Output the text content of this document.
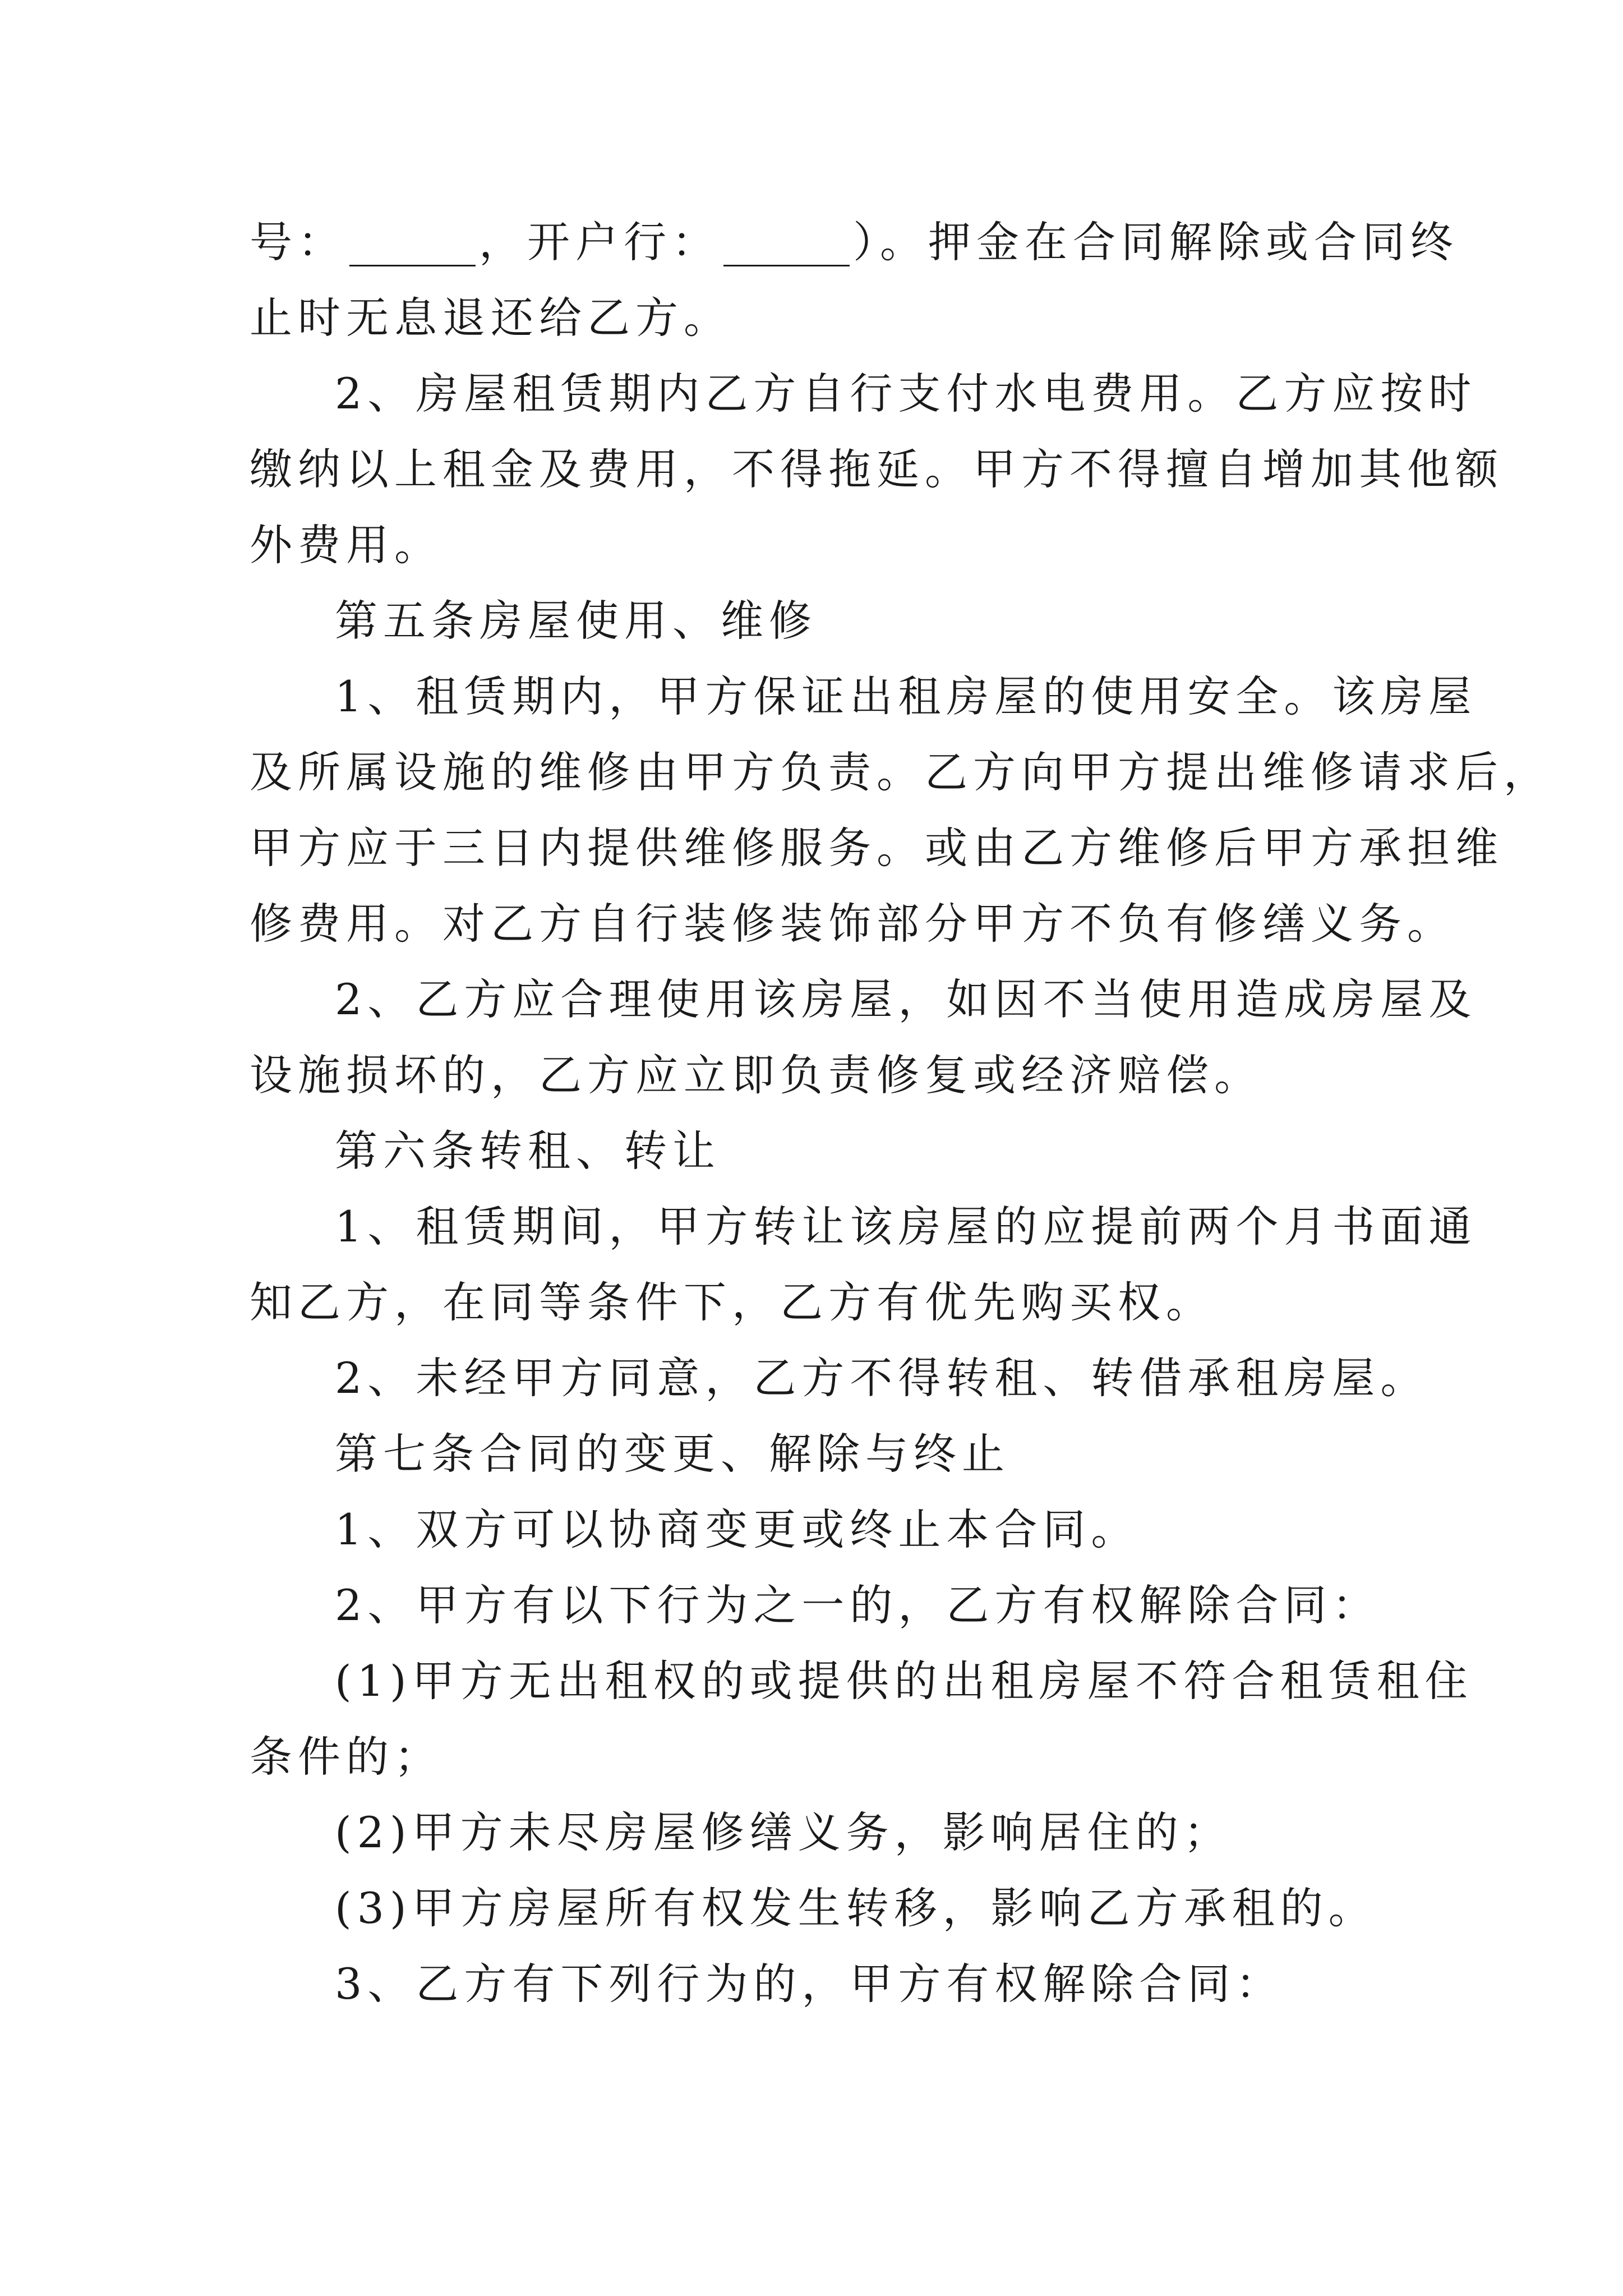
号：	，开户行：	）。押金在合同解除或合同终
止时无息退还给乙方。
2、房屋租赁期内乙方自行支付水电费用。乙方应按时
缴纳以上租金及费用，不得拖延。甲方不得擅自增加其他额
外费用。
第五条房屋使用、维修
1、租赁期内，甲方保证出租房屋的使用安全。该房屋
及所属设施的维修由甲方负责。乙方向甲方提出维修请求后，
甲方应于三日内提供维修服务。或由乙方维修后甲方承担维
修费用。对乙方自行装修装饰部分甲方不负有修缮义务。
2、乙方应合理使用该房屋，如因不当使用造成房屋及
设施损坏的，乙方应立即负责修复或经济赔偿。
第六条转租、转让
1、租赁期间，甲方转让该房屋的应提前两个月书面通
知乙方，在同等条件下，乙方有优先购买权。
2、未经甲方同意，乙方不得转租、转借承租房屋。
第七条合同的变更、解除与终止
1、双方可以协商变更或终止本合同。
2、甲方有以下行为之一的，乙方有权解除合同：
(1)甲方无出租权的或提供的出租房屋不符合租赁租住
条件的；
(2)甲方未尽房屋修缮义务，影响居住的；
(3)甲方房屋所有权发生转移，影响乙方承租的。
3、乙方有下列行为的，甲方有权解除合同：
